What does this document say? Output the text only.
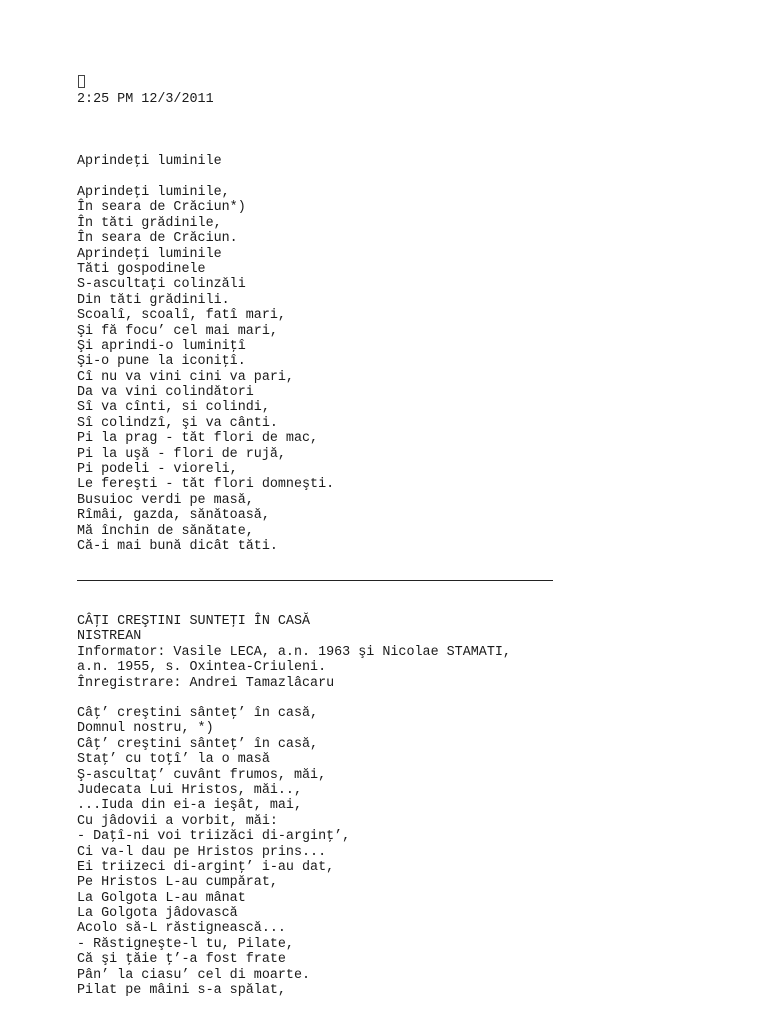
2:25 PM 12/3/2011
Aprindeţi luminile
Aprindeţi luminile,
În seara de Crăciun*)
În tăti grădinile,
În seara de Crăciun.
Aprindeţi luminile
Tăti gospodinele
S-ascultaţi colinzăli
Din tăti grădinili.
Scoalî, scoalî, fatî mari,
Şi fă focu’ cel mai mari,
Şi aprindi-o luminiţî
Şi-o pune la iconiţî.
Cî nu va vini cini va pari,
Da va vini colindători
Sî va cînti, si colindi,
Sî colindzî, şi va cânti.
Pi la prag - tăt flori de mac,
Pi la uşă - flori de rujă,
Pi podeli - vioreli,
Le fereşti - tăt flori domneşti.
Busuioc verdi pe masă,
Rîmâi, gazda, sănătoasă,
Mă închin de sănătate,
Că-i mai bună dicât tăti.
CÂŢI CREŞTINI SUNTEŢI ÎN CASĂ
NISTREAN
Informator: Vasile LECA, a.n. 1963 şi Nicolae STAMATI,
a.n. 1955, s. Oxintea-Criuleni.
Înregistrare: Andrei Tamazlâcaru
Câţ’ creştini sânteţ’ în casă,
Domnul nostru, *)
Câţ’ creştini sânteţ’ în casă,
Staţ’ cu toţî’ la o masă
Ş-ascultaţ’ cuvânt frumos, măi,
Judecata Lui Hristos, măi..,
...Iuda din ei-a ieşât, mai,
Cu jâdovii a vorbit, măi:
- Daţî-ni voi triizăci di-arginţ’,
Ci va-l dau pe Hristos prins...
Ei triizeci di-arginţ’ i-au dat,
Pe Hristos L-au cumpărat,
La Golgota L-au mânat
La Golgota jâdovască
Acolo să-L răstignească...
- Răstigneşte-l tu, Pilate,
Că şi ţăie ţ’-a fost frate
Pân’ la ciasu’ cel di moarte.
Pilat pe mâini s-a spălat,
